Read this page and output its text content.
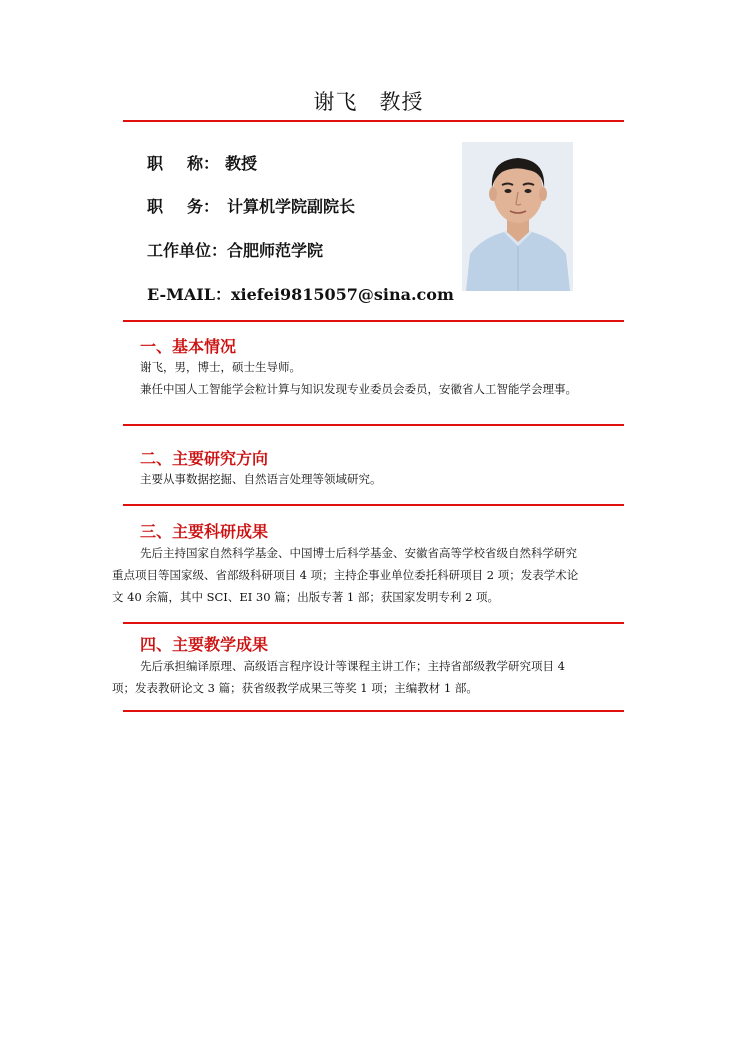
谢飞 教授
职 称： 教授
职 务： 计算机学院副院长
工作单位：合肥师范学院
E-MAIL：xiefei9815057@sina.com
一、基本情况
谢飞，男，博士，硕士生导师。
兼任中国人工智能学会粒计算与知识发现专业委员会委员，安徽省人工智能学会理事。
二、主要研究方向
主要从事数据挖掘、自然语言处理等领域研究。
三、主要科研成果
先后主持国家自然科学基金、中国博士后科学基金、安徽省高等学校省级自然科学研究
重点项目等国家级、省部级科研项目 4 项；主持企事业单位委托科研项目 2 项；发表学术论
文 40 余篇，其中 SCI、EI 30 篇；出版专著 1 部；获国家发明专利 2 项。
四、主要教学成果
先后承担编译原理、高级语言程序设计等课程主讲工作；主持省部级教学研究项目 4
项；发表教研论文 3 篇；获省级教学成果三等奖 1 项；主编教材 1 部。
